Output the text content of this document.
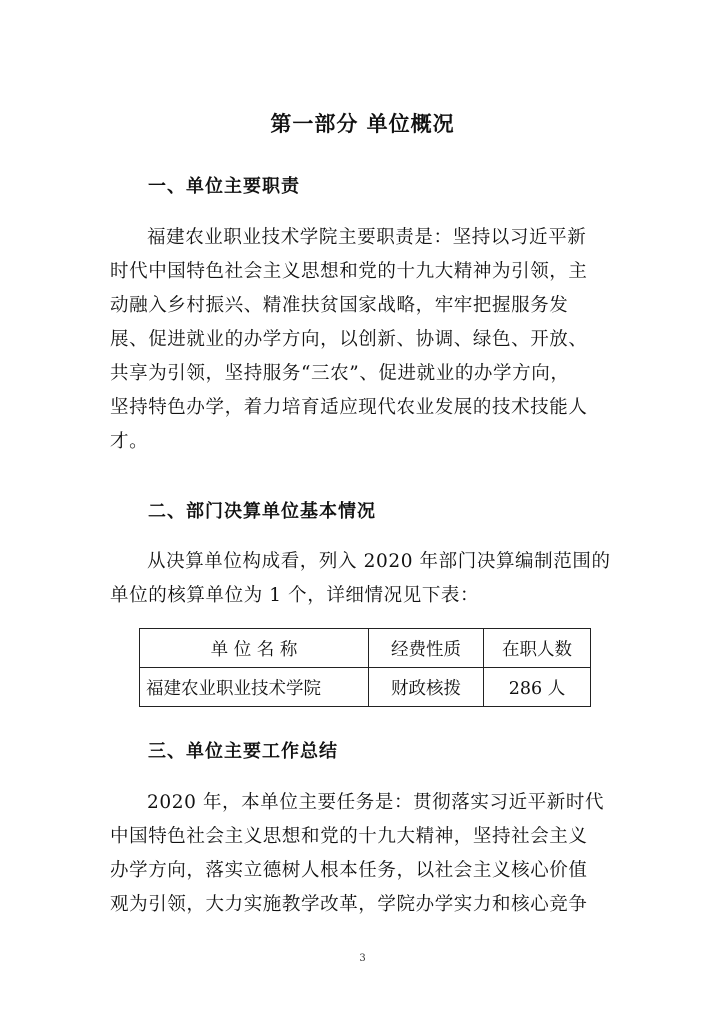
第一部分 单位概况
一、单位主要职责
福建农业职业技术学院主要职责是：坚持以习近平新
时代中国特色社会主义思想和党的十九大精神为引领，主
动融入乡村振兴、精准扶贫国家战略，牢牢把握服务发
展、促进就业的办学方向，以创新、协调、绿色、开放、
共享为引领，坚持服务“三农”、促进就业的办学方向，
坚持特色办学，着力培育适应现代农业发展的技术技能人
才。
二、部门决算单位基本情况
从决算单位构成看，列入 2020 年部门决算编制范围的
单位的核算单位为 1 个，详细情况见下表：
单 位 名 称	经费性质	在职人数
福建农业职业技术学院	财政核拨	286 人
三、单位主要工作总结
2020 年，本单位主要任务是：贯彻落实习近平新时代
中国特色社会主义思想和党的十九大精神，坚持社会主义
办学方向，落实立德树人根本任务，以社会主义核心价值
观为引领，大力实施教学改革，学院办学实力和核心竞争
3
